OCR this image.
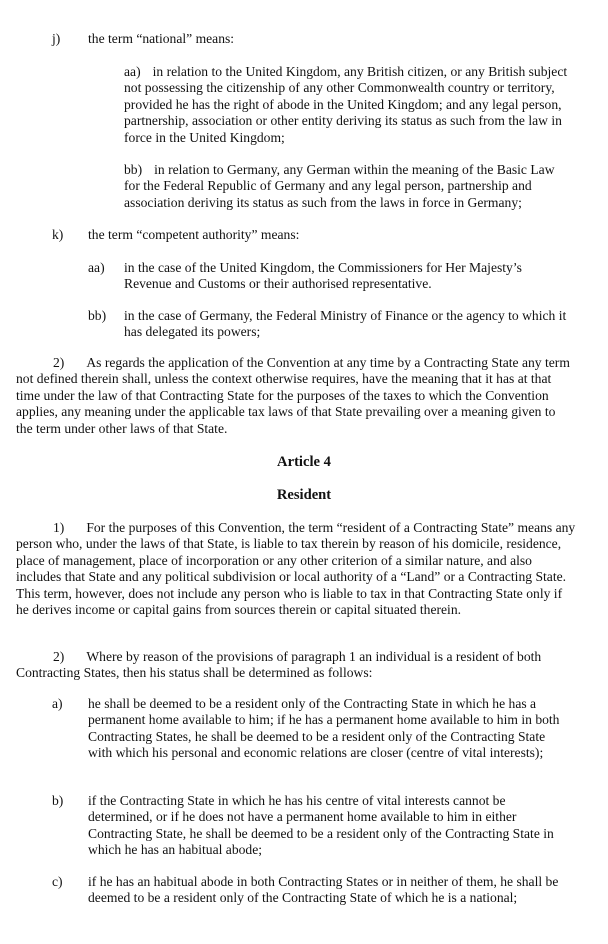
j) the term “national” means:
aa) in relation to the United Kingdom, any British citizen, or any British subject not possessing the citizenship of any other Commonwealth country or territory, provided he has the right of abode in the United Kingdom; and any legal person, partnership, association or other entity deriving its status as such from the law in force in the United Kingdom;
bb) in relation to Germany, any German within the meaning of the Basic Law for the Federal Republic of Germany and any legal person, partnership and association deriving its status as such from the laws in force in Germany;
k) the term “competent authority” means:
aa) in the case of the United Kingdom, the Commissioners for Her Majesty’s Revenue and Customs or their authorised representative.
bb) in the case of Germany, the Federal Ministry of Finance or the agency to which it has delegated its powers;
2) As regards the application of the Convention at any time by a Contracting State any term not defined therein shall, unless the context otherwise requires, have the meaning that it has at that time under the law of that Contracting State for the purposes of the taxes to which the Convention applies, any meaning under the applicable tax laws of that State prevailing over a meaning given to the term under other laws of that State.
Article 4
Resident
1) For the purposes of this Convention, the term “resident of a Contracting State” means any person who, under the laws of that State, is liable to tax therein by reason of his domicile, residence, place of management, place of incorporation or any other criterion of a similar nature, and also includes that State and any political subdivision or local authority of a “Land” or a Contracting State. This term, however, does not include any person who is liable to tax in that Contracting State only if he derives income or capital gains from sources therein or capital situated therein.
2) Where by reason of the provisions of paragraph 1 an individual is a resident of both Contracting States, then his status shall be determined as follows:
a) he shall be deemed to be a resident only of the Contracting State in which he has a permanent home available to him; if he has a permanent home available to him in both Contracting States, he shall be deemed to be a resident only of the Contracting State with which his personal and economic relations are closer (centre of vital interests);
b) if the Contracting State in which he has his centre of vital interests cannot be determined, or if he does not have a permanent home available to him in either Contracting State, he shall be deemed to be a resident only of the Contracting State in which he has an habitual abode;
c) if he has an habitual abode in both Contracting States or in neither of them, he shall be deemed to be a resident only of the Contracting State of which he is a national;
